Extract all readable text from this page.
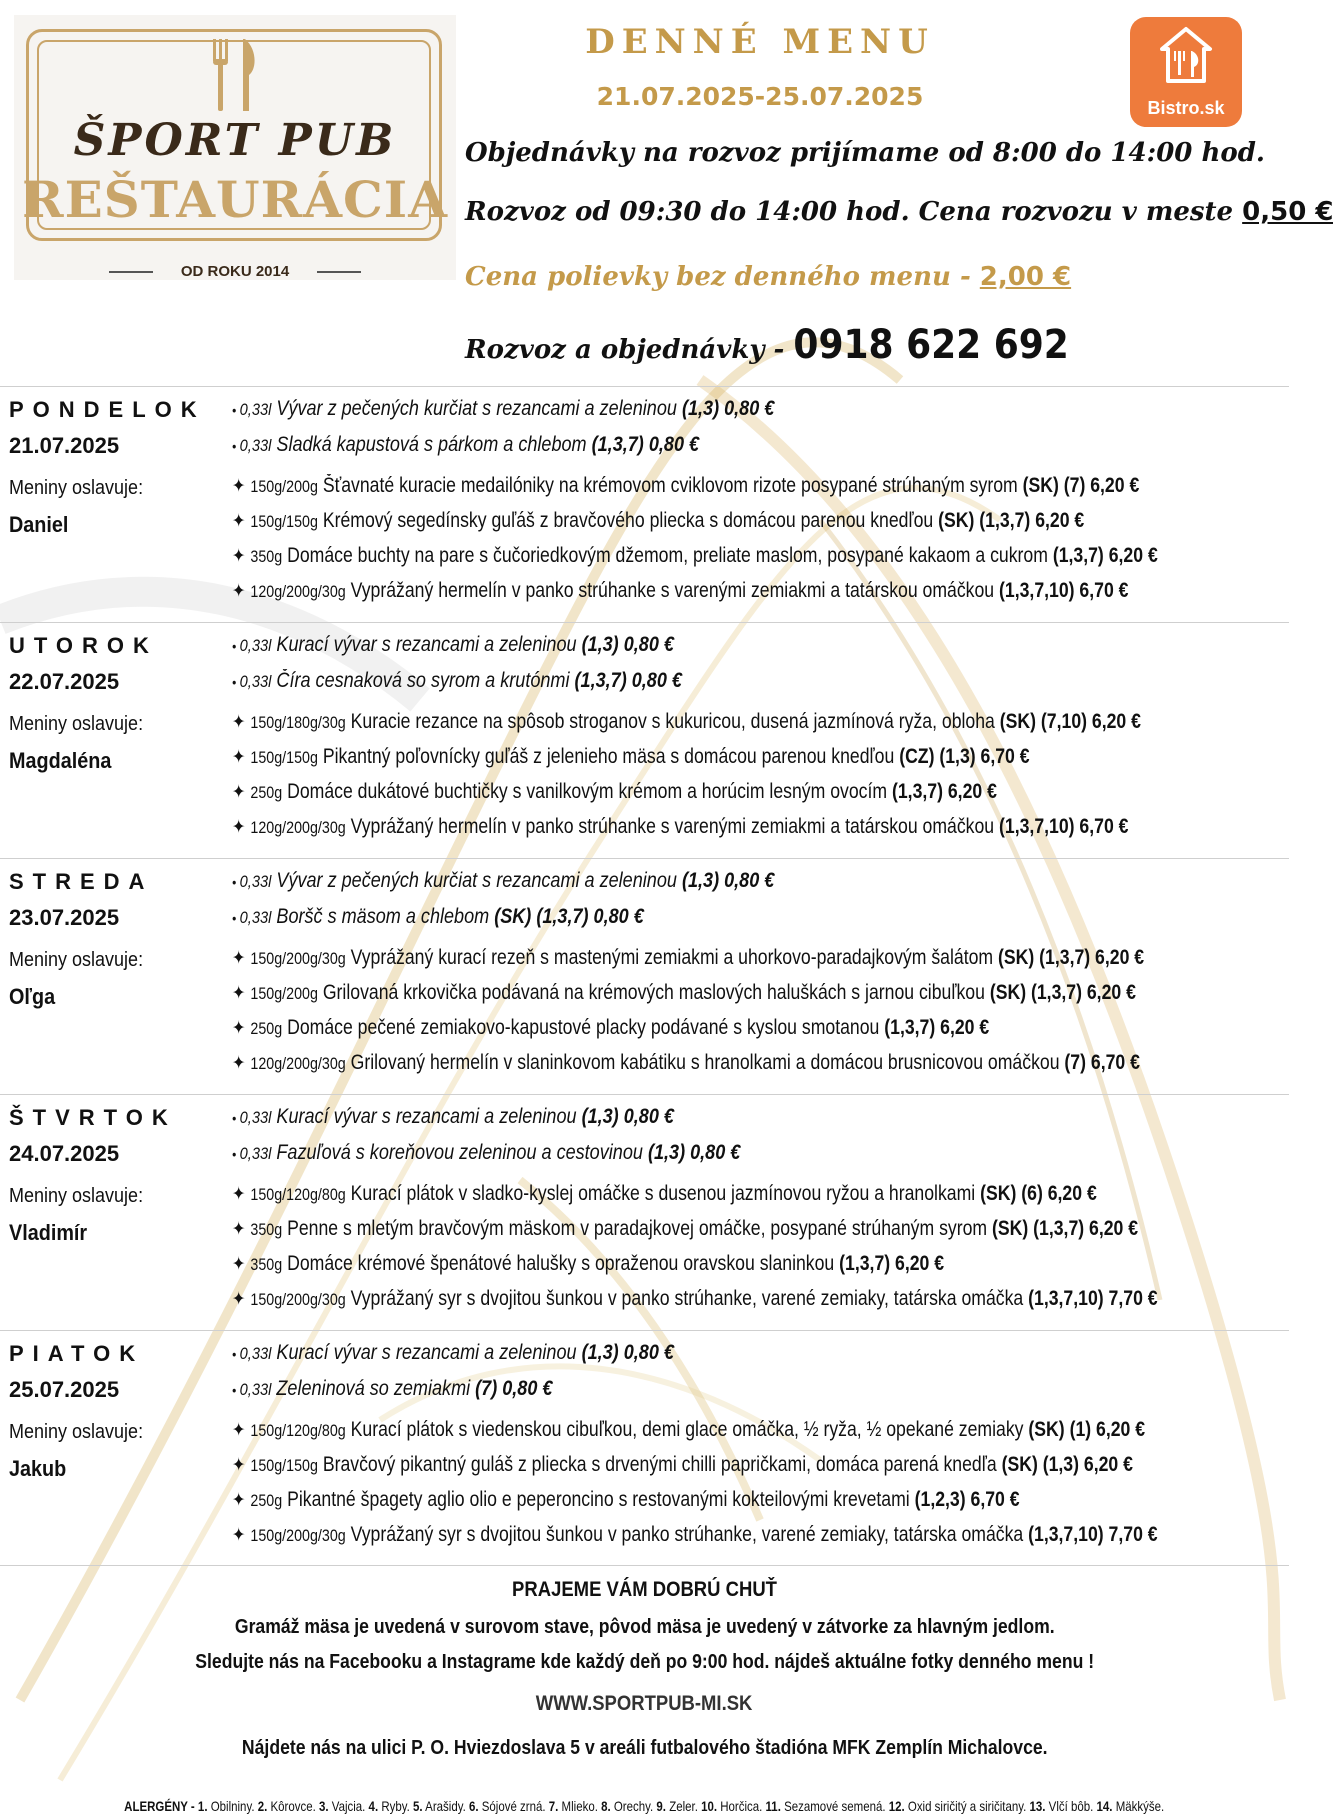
ŠPORT PUB
REŠTAURÁCIA
OD ROKU 2014
DENNÉ MENU
21.07.2025-25.07.2025	Bistro.sk
Objednávky na rozvoz prijímame od 8:00 do 14:00 hod.
Rozvoz od 09:30 do 14:00 hod. Cena rozvozu v meste 0,50 €
Cena polievky bez denného menu - 2,00 €
Rozvoz a objednávky - 0918 622 692
PONDELOK
21.07.2025
Meniny oslavuje:
Daniel
• 0,33l Vývar z pečených kurčiat s rezancami a zeleninou (1,3) 0,80 €
• 0,33l Sladká kapustová s párkom a chlebom (1,3,7) 0,80 €
✦ 150g/200g Šťavnaté kuracie medailóniky na krémovom cviklovom rizote posypané strúhaným syrom (SK) (7) 6,20 €
✦ 150g/150g Krémový segedínsky guľáš z bravčového pliecka s domácou parenou knedľou (SK) (1,3,7) 6,20 €
✦ 350g Domáce buchty na pare s čučoriedkovým džemom, preliate maslom, posypané kakaom a cukrom (1,3,7) 6,20 €
✦ 120g/200g/30g Vyprážaný hermelín v panko strúhanke s varenými zemiakmi a tatárskou omáčkou (1,3,7,10) 6,70 €
UTOROK
22.07.2025
Meniny oslavuje:
Magdaléna
• 0,33l Kurací vývar s rezancami a zeleninou (1,3) 0,80 €
• 0,33l Číra cesnaková so syrom a krutónmi (1,3,7) 0,80 €
✦ 150g/180g/30g Kuracie rezance na spôsob stroganov s kukuricou, dusená jazmínová ryža, obloha (SK) (7,10) 6,20 €
✦ 150g/150g Pikantný poľovnícky guľáš z jelenieho mäsa s domácou parenou knedľou (CZ) (1,3) 6,70 €
✦ 250g Domáce dukátové buchtičky s vanilkovým krémom a horúcim lesným ovocím (1,3,7) 6,20 €
✦ 120g/200g/30g Vyprážaný hermelín v panko strúhanke s varenými zemiakmi a tatárskou omáčkou (1,3,7,10) 6,70 €
STREDA
23.07.2025
Meniny oslavuje:
Oľga
• 0,33l Vývar z pečených kurčiat s rezancami a zeleninou (1,3) 0,80 €
• 0,33l Boršč s mäsom a chlebom (SK) (1,3,7) 0,80 €
✦ 150g/200g/30g Vyprážaný kurací rezeň s mastenými zemiakmi a uhorkovo-paradajkovým šalátom (SK) (1,3,7) 6,20 €
✦ 150g/200g Grilovaná krkovička podávaná na krémových maslových haluškách s jarnou cibuľkou (SK) (1,3,7) 6,20 €
✦ 250g Domáce pečené zemiakovo-kapustové placky podávané s kyslou smotanou (1,3,7) 6,20 €
✦ 120g/200g/30g Grilovaný hermelín v slaninkovom kabátiku s hranolkami a domácou brusnicovou omáčkou (7) 6,70 €
ŠTVRTOK
24.07.2025
Meniny oslavuje:
Vladimír
• 0,33l Kurací vývar s rezancami a zeleninou (1,3) 0,80 €
• 0,33l Fazuľová s koreňovou zeleninou a cestovinou (1,3) 0,80 €
✦ 150g/120g/80g Kurací plátok v sladko-kyslej omáčke s dusenou jazmínovou ryžou a hranolkami (SK) (6) 6,20 €
✦ 350g Penne s mletým bravčovým mäskom v paradajkovej omáčke, posypané strúhaným syrom (SK) (1,3,7) 6,20 €
✦ 350g Domáce krémové špenátové halušky s opraženou oravskou slaninkou (1,3,7) 6,20 €
✦ 150g/200g/30g Vyprážaný syr s dvojitou šunkou v panko strúhanke, varené zemiaky, tatárska omáčka (1,3,7,10) 7,70 €
PIATOK
25.07.2025
Meniny oslavuje:
Jakub
• 0,33l Kurací vývar s rezancami a zeleninou (1,3) 0,80 €
• 0,33l Zeleninová so zemiakmi (7) 0,80 €
✦ 150g/120g/80g Kurací plátok s viedenskou cibuľkou, demi glace omáčka, ½ ryža, ½ opekané zemiaky (SK) (1) 6,20 €
✦ 150g/150g Bravčový pikantný guláš z pliecka s drvenými chilli papričkami, domáca parená knedľa (SK) (1,3) 6,20 €
✦ 250g Pikantné špagety aglio olio e peperoncino s restovanými kokteilovými krevetami (1,2,3) 6,70 €
✦ 150g/200g/30g Vyprážaný syr s dvojitou šunkou v panko strúhanke, varené zemiaky, tatárska omáčka (1,3,7,10) 7,70 €
PRAJEME VÁM DOBRÚ CHUŤ
Gramáž mäsa je uvedená v surovom stave, pôvod mäsa je uvedený v zátvorke za hlavným jedlom.
Sledujte nás na Facebooku a Instagrame kde každý deň po 9:00 hod. nájdeš aktuálne fotky denného menu !
WWW.SPORTPUB-MI.SK
Nájdete nás na ulici P. O. Hviezdoslava 5 v areáli futbalového štadióna MFK Zemplín Michalovce.
ALERGÉNY - 1. Obilniny. 2. Kôrovce. 3. Vajcia. 4. Ryby. 5. Arašidy. 6. Sójové zrná. 7. Mlieko. 8. Orechy. 9. Zeler. 10. Horčica. 11. Sezamové semená. 12. Oxid siričitý a siričitany. 13. Vlčí bôb. 14. Mäkkýše.
